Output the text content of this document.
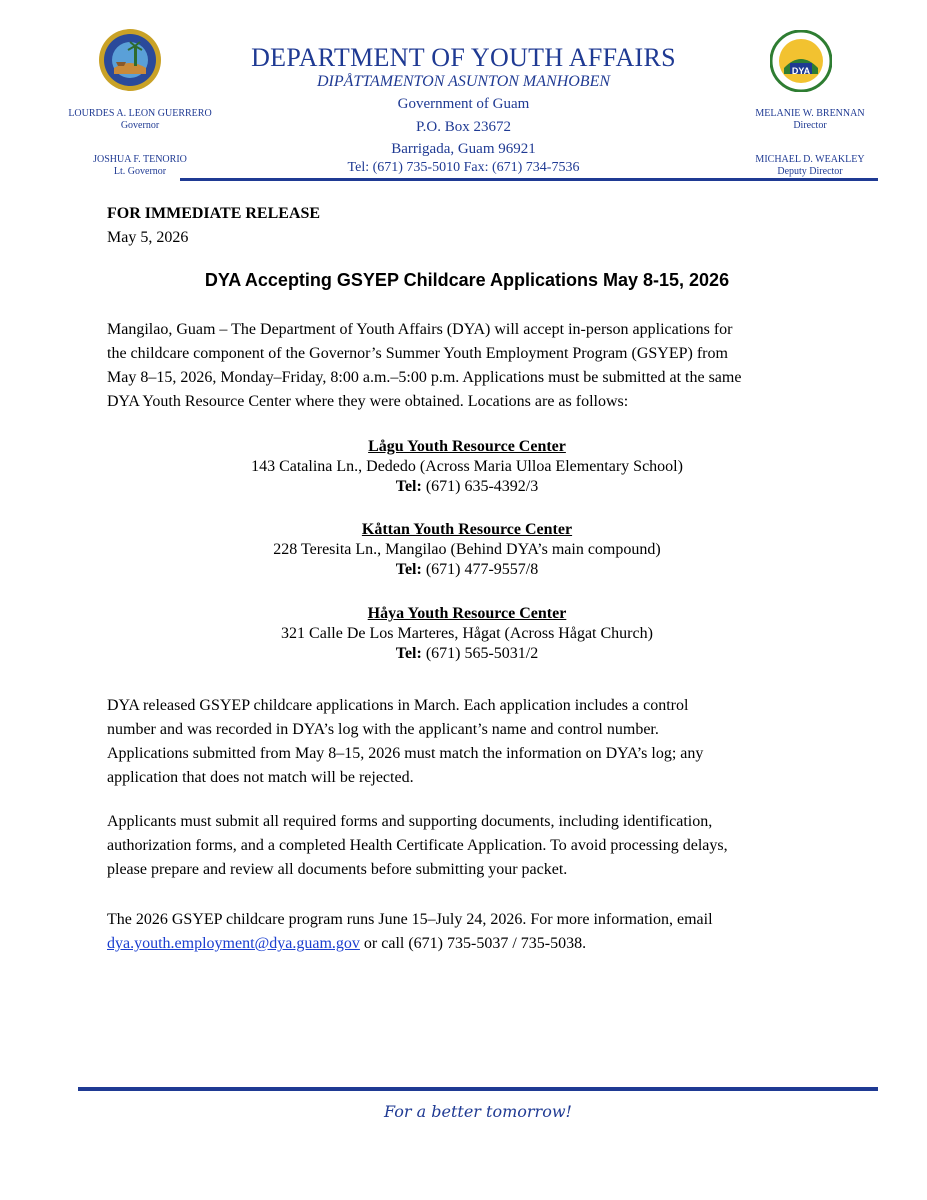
DEPARTMENT OF YOUTH AFFAIRS
DIPÅTTAMENTON ASUNTON MANHOBEN
Government of Guam
P.O. Box 23672
Barrigada, Guam 96921
Tel: (671) 735-5010 Fax: (671) 734-7536
DYA
LOURDES A. LEON GUERRERO
Governor
JOSHUA F. TENORIO
Lt. Governor
MELANIE W. BRENNAN
Director
MICHAEL D. WEAKLEY
Deputy Director
FOR IMMEDIATE RELEASE
May 5, 2026
DYA Accepting GSYEP Childcare Applications May 8-15, 2026
Mangilao, Guam – The Department of Youth Affairs (DYA) will accept in-person applications for
the childcare component of the Governor’s Summer Youth Employment Program (GSYEP) from
May 8–15, 2026, Monday–Friday, 8:00 a.m.–5:00 p.m. Applications must be submitted at the same
DYA Youth Resource Center where they were obtained. Locations are as follows:
Lågu Youth Resource Center
143 Catalina Ln., Dededo (Across Maria Ulloa Elementary School)
Tel: (671) 635-4392/3
Kåttan Youth Resource Center
228 Teresita Ln., Mangilao (Behind DYA’s main compound)
Tel: (671) 477-9557/8
Håya Youth Resource Center
321 Calle De Los Marteres, Hågat (Across Hågat Church)
Tel: (671) 565-5031/2
DYA released GSYEP childcare applications in March. Each application includes a control
number and was recorded in DYA’s log with the applicant’s name and control number.
Applications submitted from May 8–15, 2026 must match the information on DYA’s log; any
application that does not match will be rejected.
Applicants must submit all required forms and supporting documents, including identification,
authorization forms, and a completed Health Certificate Application. To avoid processing delays,
please prepare and review all documents before submitting your packet.
The 2026 GSYEP childcare program runs June 15–July 24, 2026. For more information, email
dya.youth.employment@dya.guam.gov or call (671) 735-5037 / 735-5038.
For a better tomorrow!
